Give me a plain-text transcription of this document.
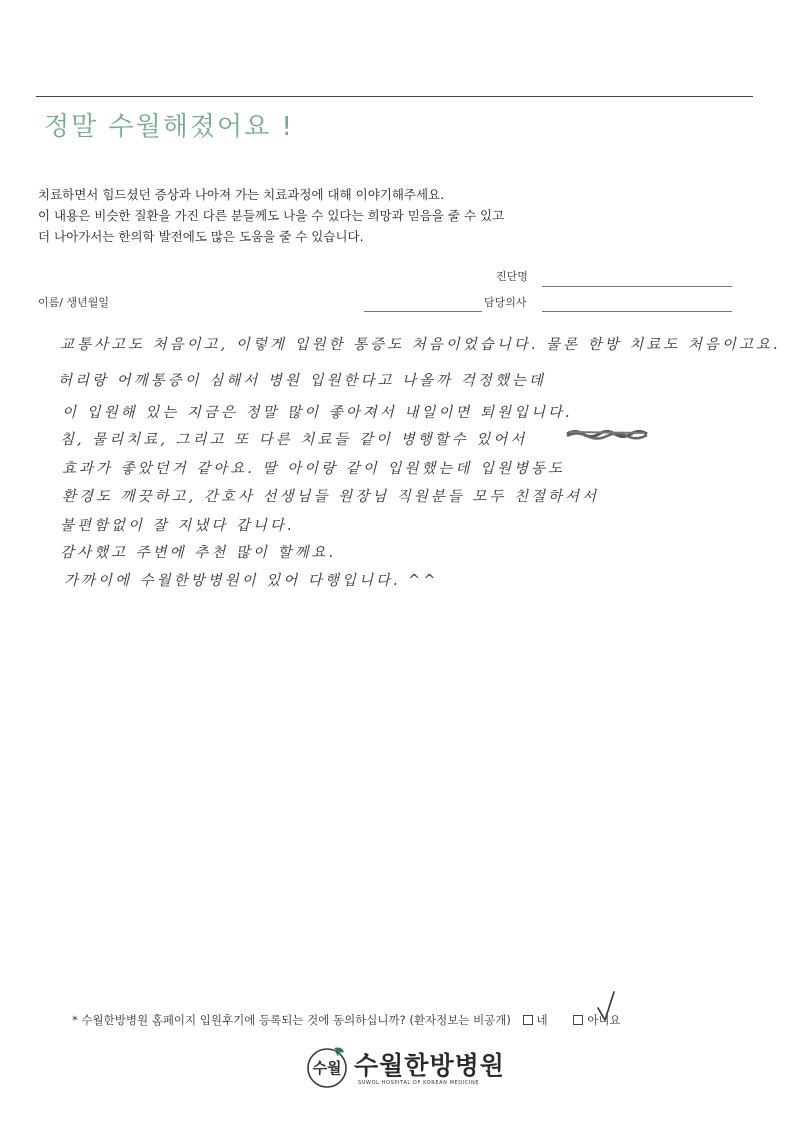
정말 수월해졌어요 !
치료하면서 힘드셨던 증상과 나아져 가는 치료과정에 대해 이야기해주세요.
이 내용은 비슷한 질환을 가진 다른 분들께도 나을 수 있다는 희망과 믿음을 줄 수 있고
더 나아가서는 한의학 발전에도 많은 도움을 줄 수 있습니다.
진단명
이름/ 생년월일	담당의사
교통사고도 처음이고, 이렇게 입원한 통증도 처음이었습니다. 물론 한방 치료도 처음이고요.
허리랑 어깨통증이 심해서 병원 입원한다고 나올까 걱정했는데
이 입원해 있는 지금은 정말 많이 좋아져서 내일이면 퇴원입니다.
침, 물리치료, 그리고 또 다른 치료들 같이 병행할수 있어서
효과가 좋았던거 같아요. 딸 아이랑 같이 입원했는데 입원병동도
환경도 깨끗하고, 간호사 선생님들 원장님 직원분들 모두 친절하셔서
불편함없이 잘 지냈다 갑니다.
감사했고 주변에 추천 많이 할께요.
가까이에 수월한방병원이 있어 다행입니다. ^^
* 수월한방병원 홈페이지 입원후기에 등록되는 것에 동의하십니까? (환자정보는 비공개) 네	아니요
수월 수월한방병원
SUWOL HOSPITAL OF KOREAN MEDICINE
